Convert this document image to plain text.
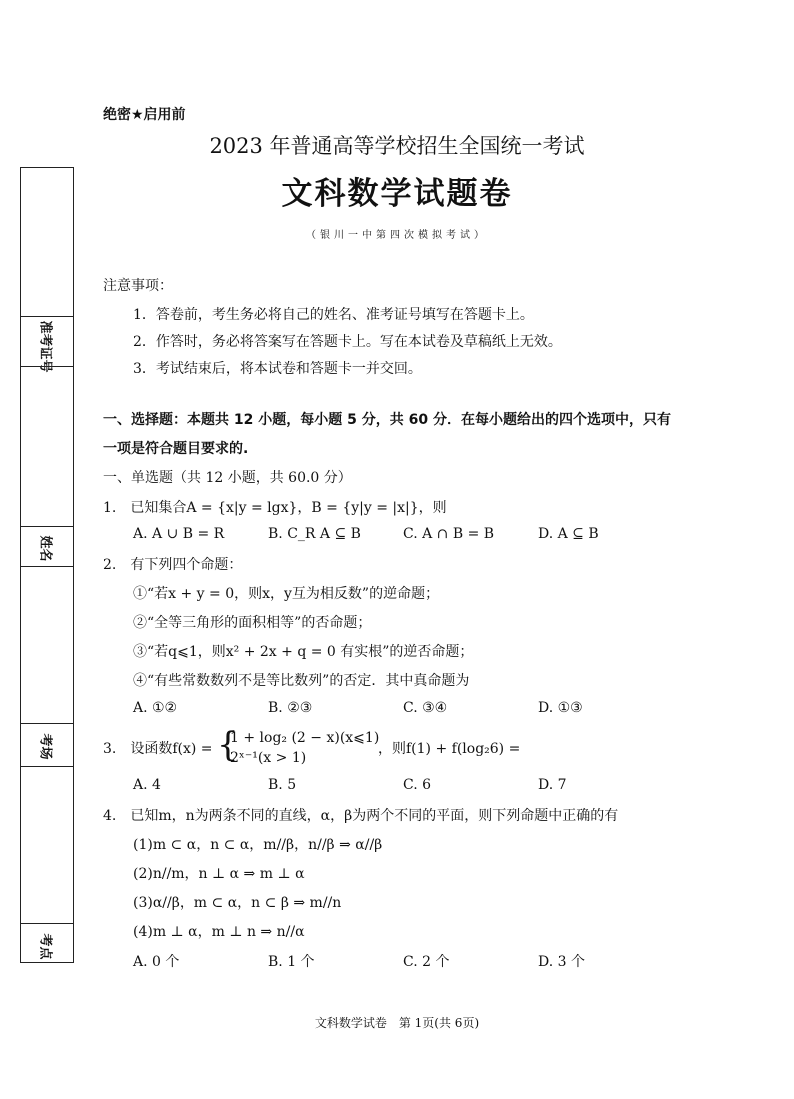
准考证号
姓名
考场
考点
绝密★启用前
2023 年普通高等学校招生全国统一考试
文科数学试题卷
（银川一中第四次模拟考试）
注意事项：
1．答卷前，考生务必将自己的姓名、准考证号填写在答题卡上。
2．作答时，务必将答案写在答题卡上。写在本试卷及草稿纸上无效。
3．考试结束后，将本试卷和答题卡一并交回。
一、选择题：本题共 12 小题，每小题 5 分，共 60 分．在每小题给出的四个选项中，只有
一项是符合题目要求的.
一、单选题（共 12 小题，共 60.0 分）
1.　已知集合A = {x|y = lgx}，B = {y|y = |x|}，则
A. A ∪ B = R	B. C_R A ⊆ B	C. A ∩ B = B	D. A ⊆ B
2.　有下列四个命题：
①“若x + y = 0，则x，y互为相反数”的逆命题；
②“全等三角形的面积相等”的否命题；
③“若q⩽1，则x² + 2x + q = 0 有实根”的逆否命题；
④“有些常数数列不是等比数列”的否定．其中真命题为
A. ①②	B. ②③	C. ③④	D. ①③
3.　设函数f(x) = {
1 + log₂ (2 − x)(x⩽1)
2ˣ⁻¹(x > 1)
，则f(1) + f(log₂6) =
A. 4	B. 5	C. 6	D. 7
4.　已知m，n为两条不同的直线，α，β为两个不同的平面，则下列命题中正确的有
(1)m ⊂ α，n ⊂ α，m//β，n//β ⇒ α//β
(2)n//m，n ⊥ α ⇒ m ⊥ α
(3)α//β，m ⊂ α，n ⊂ β ⇒ m//n
(4)m ⊥ α，m ⊥ n ⇒ n//α
A. 0 个	B. 1 个	C. 2 个	D. 3 个
文科数学试卷　第 1页(共 6页)
